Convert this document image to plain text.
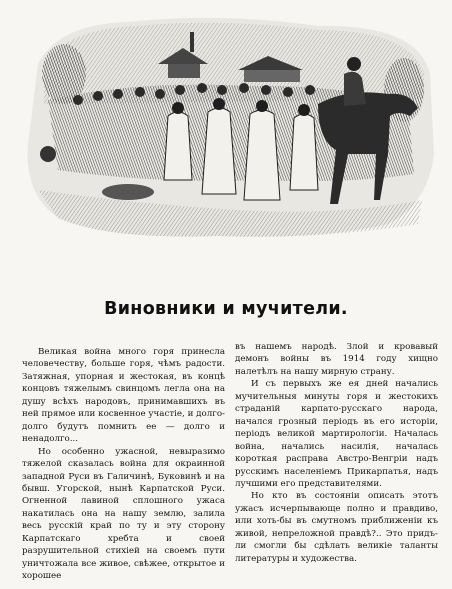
Виновники и мучители.

Великая война много горя принесла человечеству, больше горя, чѣмъ радости. Затяжная, упорная и жестокая, въ концѣ концовъ тяжелымъ свинцомъ легла она на душу всѣхъ народовъ, принимавшихъ въ ней прямое или косвенное участіе, и долго-долго будутъ помнить ее — долго и ненадолго...

Но особенно ужасной, невыразимо тяжелой сказалась война для окраинной западной Руси въ Галичинѣ, Буковинѣ и на бывш. Угорской, нынѣ Карпатской Руси. Огненной лавиной сплошного ужаса накатилась она на нашу землю, залила весь русскій край по ту и эту сторону Карпатскаго хребта и своей разрушительной стихіей на своемъ пути уничтожала все живое, свѣжее, открытое и хорошее

въ нашемъ народѣ. Злой и кровавый демонъ войны въ 1914 году хищно налетѣлъ на нашу мирную страну.

И съ первыхъ же ея дней начались мучительныя минуты горя и жестокихъ страданій карпато-русскаго народа, начался грозный періодъ въ его исторіи, періодъ великой мартирологіи. Началась война, начались насилія, началась короткая расправа Австро-Венгріи надъ русскимъ населеніемъ Прикарпатья, надъ лучшими его представителями.

Но кто въ состояніи описать этотъ ужасъ исчерпывающе полно и правдиво, или хоть-бы въ смутномъ приближеніи къ живой, непреложной правдѣ?.. Это придъ-ли смогли бы сдѣлать великіе таланты литературы и художества.
